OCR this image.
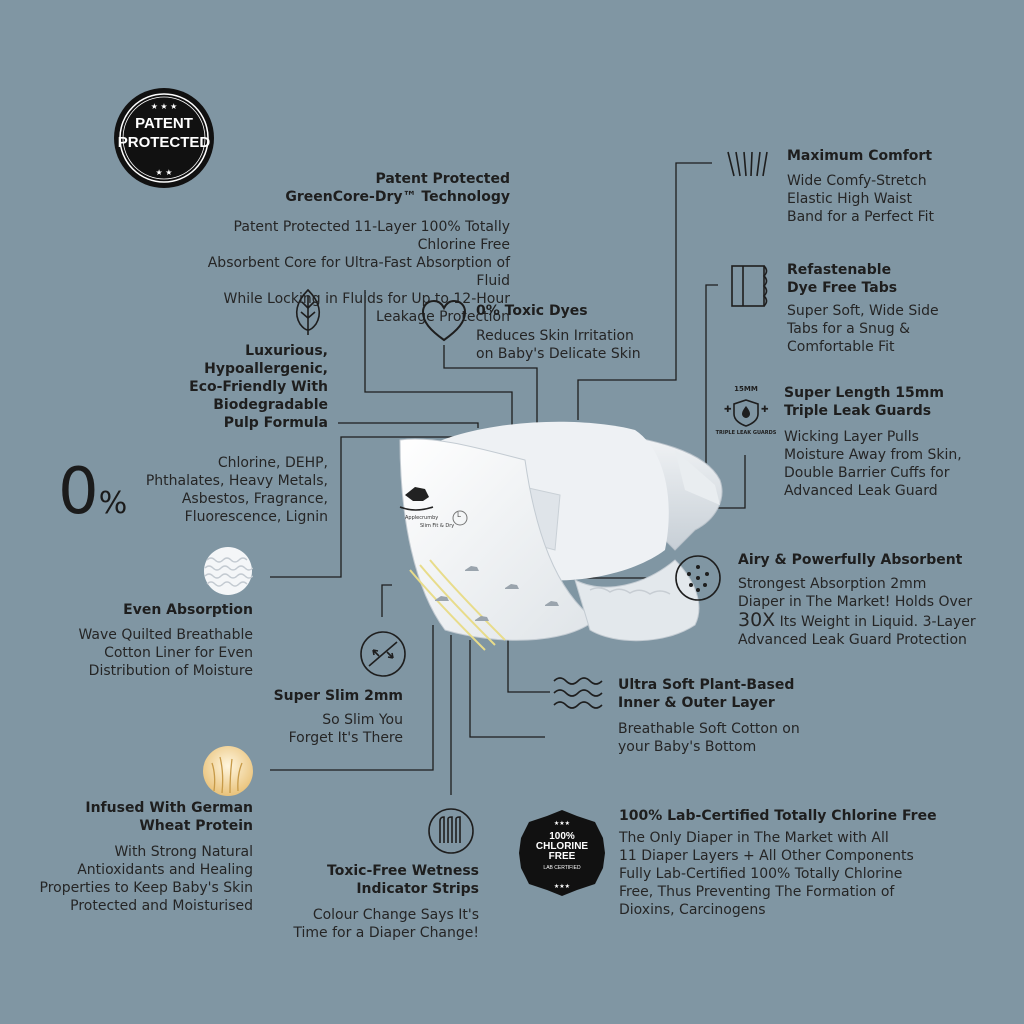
Applecrumby
Slim Fit & Dry
L
★ ★ ★
★ ★
PATENT
PROTECTED
Patent Protected
GreenCore-Dry™ Technology
Patent Protected 11-Layer 100% Totally Chlorine Free
Absorbent Core for Ultra-Fast Absorption of Fluid
While Locking in Fluids for Up to 12-Hour
Leakage Protection
Maximum Comfort
Wide Comfy-Stretch
Elastic High Waist
Band for a Perfect Fit
Refastenable
Dye Free Tabs
Super Soft, Wide Side
Tabs for a Snug &
Comfortable Fit
0% Toxic Dyes
Reduces Skin Irritation
on Baby's Delicate Skin
Luxurious,
Hypoallergenic,
Eco-Friendly With
Biodegradable
Pulp Formula
✚	✚
15MM
TRIPLE LEAK GUARDS
Super Length 15mm
Triple Leak Guards
Wicking Layer Pulls
Moisture Away from Skin,
Double Barrier Cuffs for
Advanced Leak Guard
0%
Chlorine, DEHP,
Phthalates, Heavy Metals,
Asbestos, Fragrance,
Fluorescence, Lignin
Even Absorption
Wave Quilted Breathable
Cotton Liner for Even
Distribution of Moisture
Airy & Powerfully Absorbent
Strongest Absorption 2mm
Diaper in The Market! Holds Over
30X Its Weight in Liquid. 3-Layer
Advanced Leak Guard Protection
Super Slim 2mm
So Slim You
Forget It's There
Ultra Soft Plant-Based
Inner & Outer Layer
Breathable Soft Cotton on
your Baby's Bottom
Infused With German
Wheat Protein
With Strong Natural
Antioxidants and Healing
Properties to Keep Baby's Skin
Protected and Moisturised
Toxic-Free Wetness
Indicator Strips
Colour Change Says It's
Time for a Diaper Change!
★★★
★★★
100%
CHLORINE
FREE
LAB CERTIFIED
100% Lab-Certified Totally Chlorine Free
The Only Diaper in The Market with All
11 Diaper Layers + All Other Components
Fully Lab-Certified 100% Totally Chlorine
Free, Thus Preventing The Formation of
Dioxins, Carcinogens
